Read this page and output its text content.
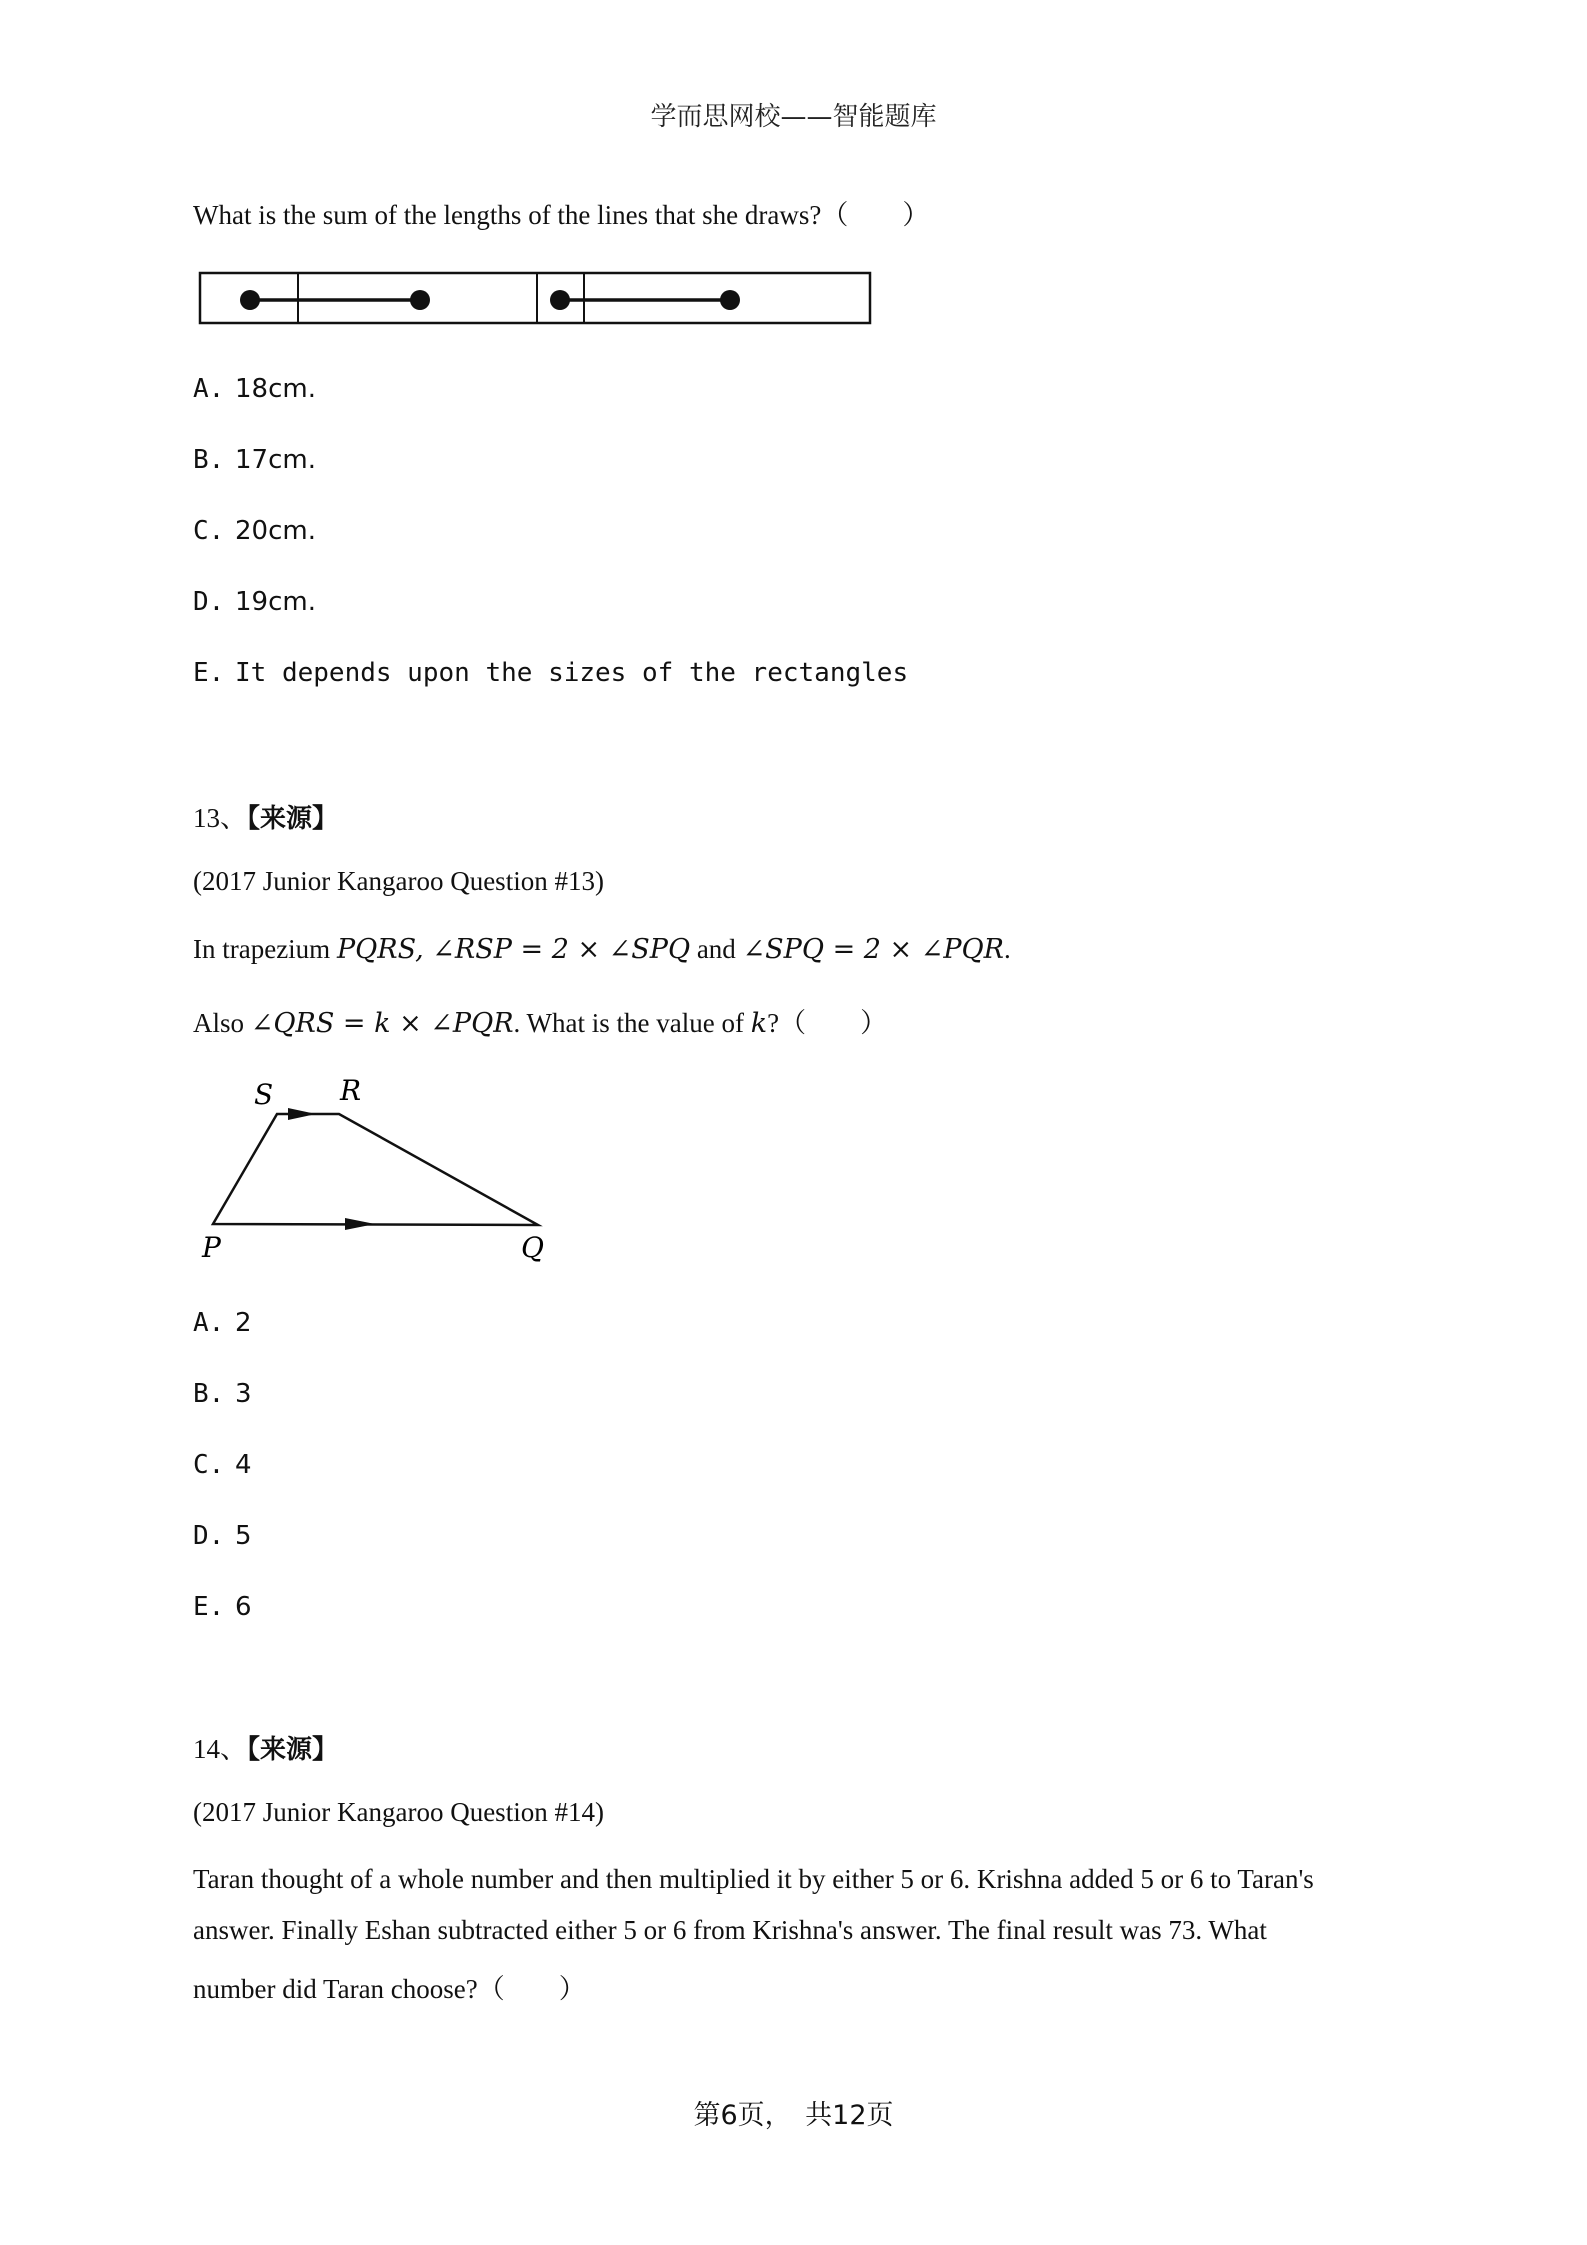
学而思网校——智能题库
What is the sum of the lengths of the lines that she draws?（　　）
A. 18cm.
B. 17cm.
C. 20cm.
D. 19cm.
E. It depends upon the sizes of the rectangles
13、【来源】
(2017 Junior Kangaroo Question #13)
In trapezium PQRS, ∠RSP = 2 × ∠SPQ and ∠SPQ = 2 × ∠PQR.
Also ∠QRS = k × ∠PQR. What is the value of k?（　　）
S R
P	Q
A. 2
B. 3
C. 4
D. 5
E. 6
14、【来源】
(2017 Junior Kangaroo Question #14)
Taran thought of a whole number and then multiplied it by either 5 or 6. Krishna added 5 or 6 to Taran's
answer. Finally Eshan subtracted either 5 or 6 from Krishna's answer. The final result was 73. What
number did Taran choose?（　　）
第6页，　共12页
